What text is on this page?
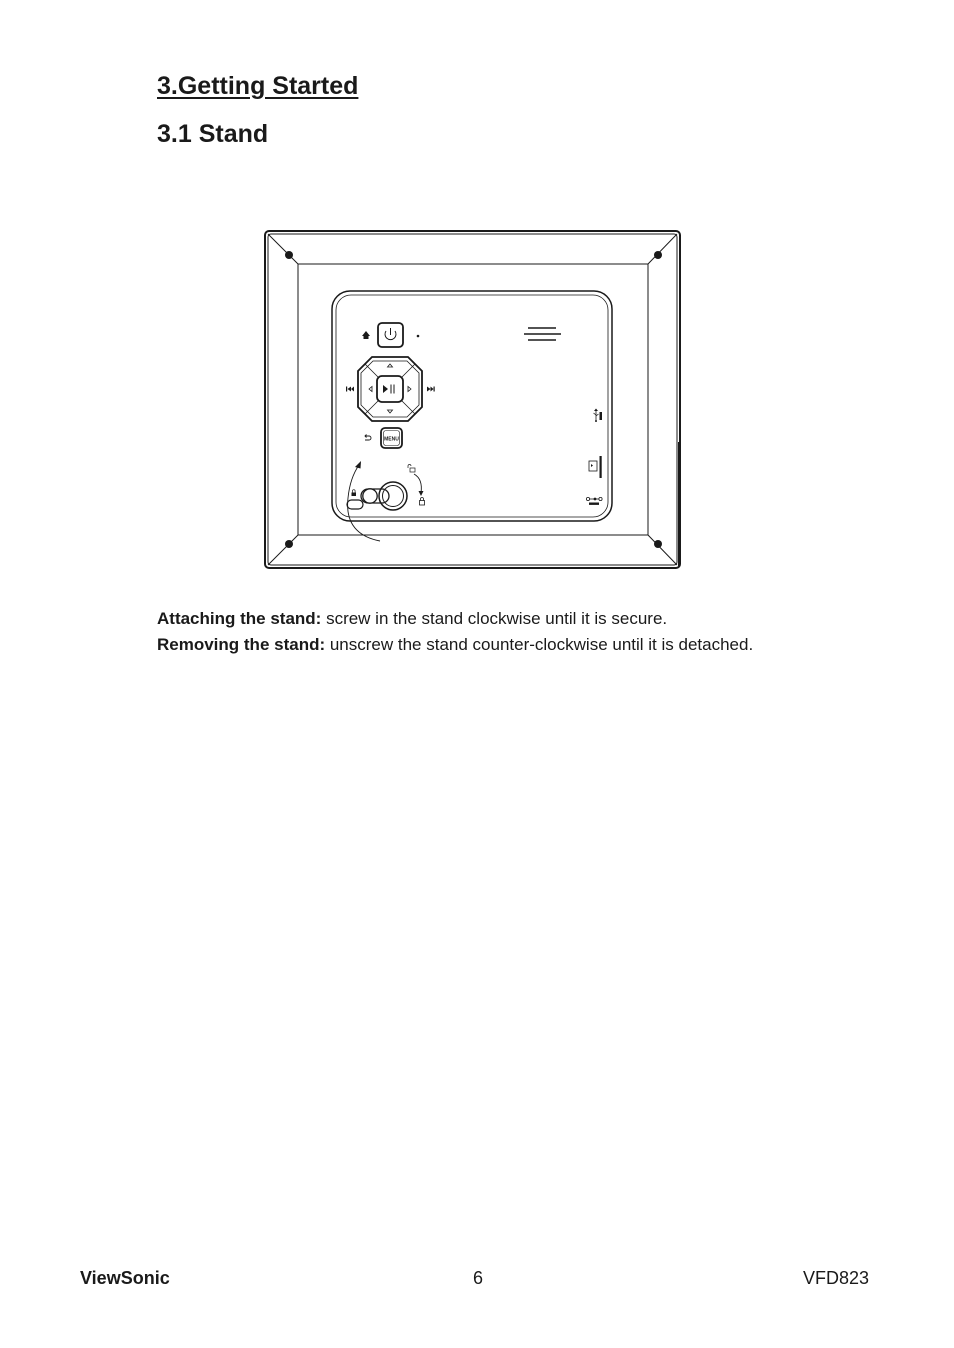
3.Getting Started
3.1 Stand
MENU

Attaching the stand: screw in the stand clockwise until it is secure.

Removing the stand: unscrew the stand counter-clockwise until it is detached.

ViewSonic	6	VFD823
